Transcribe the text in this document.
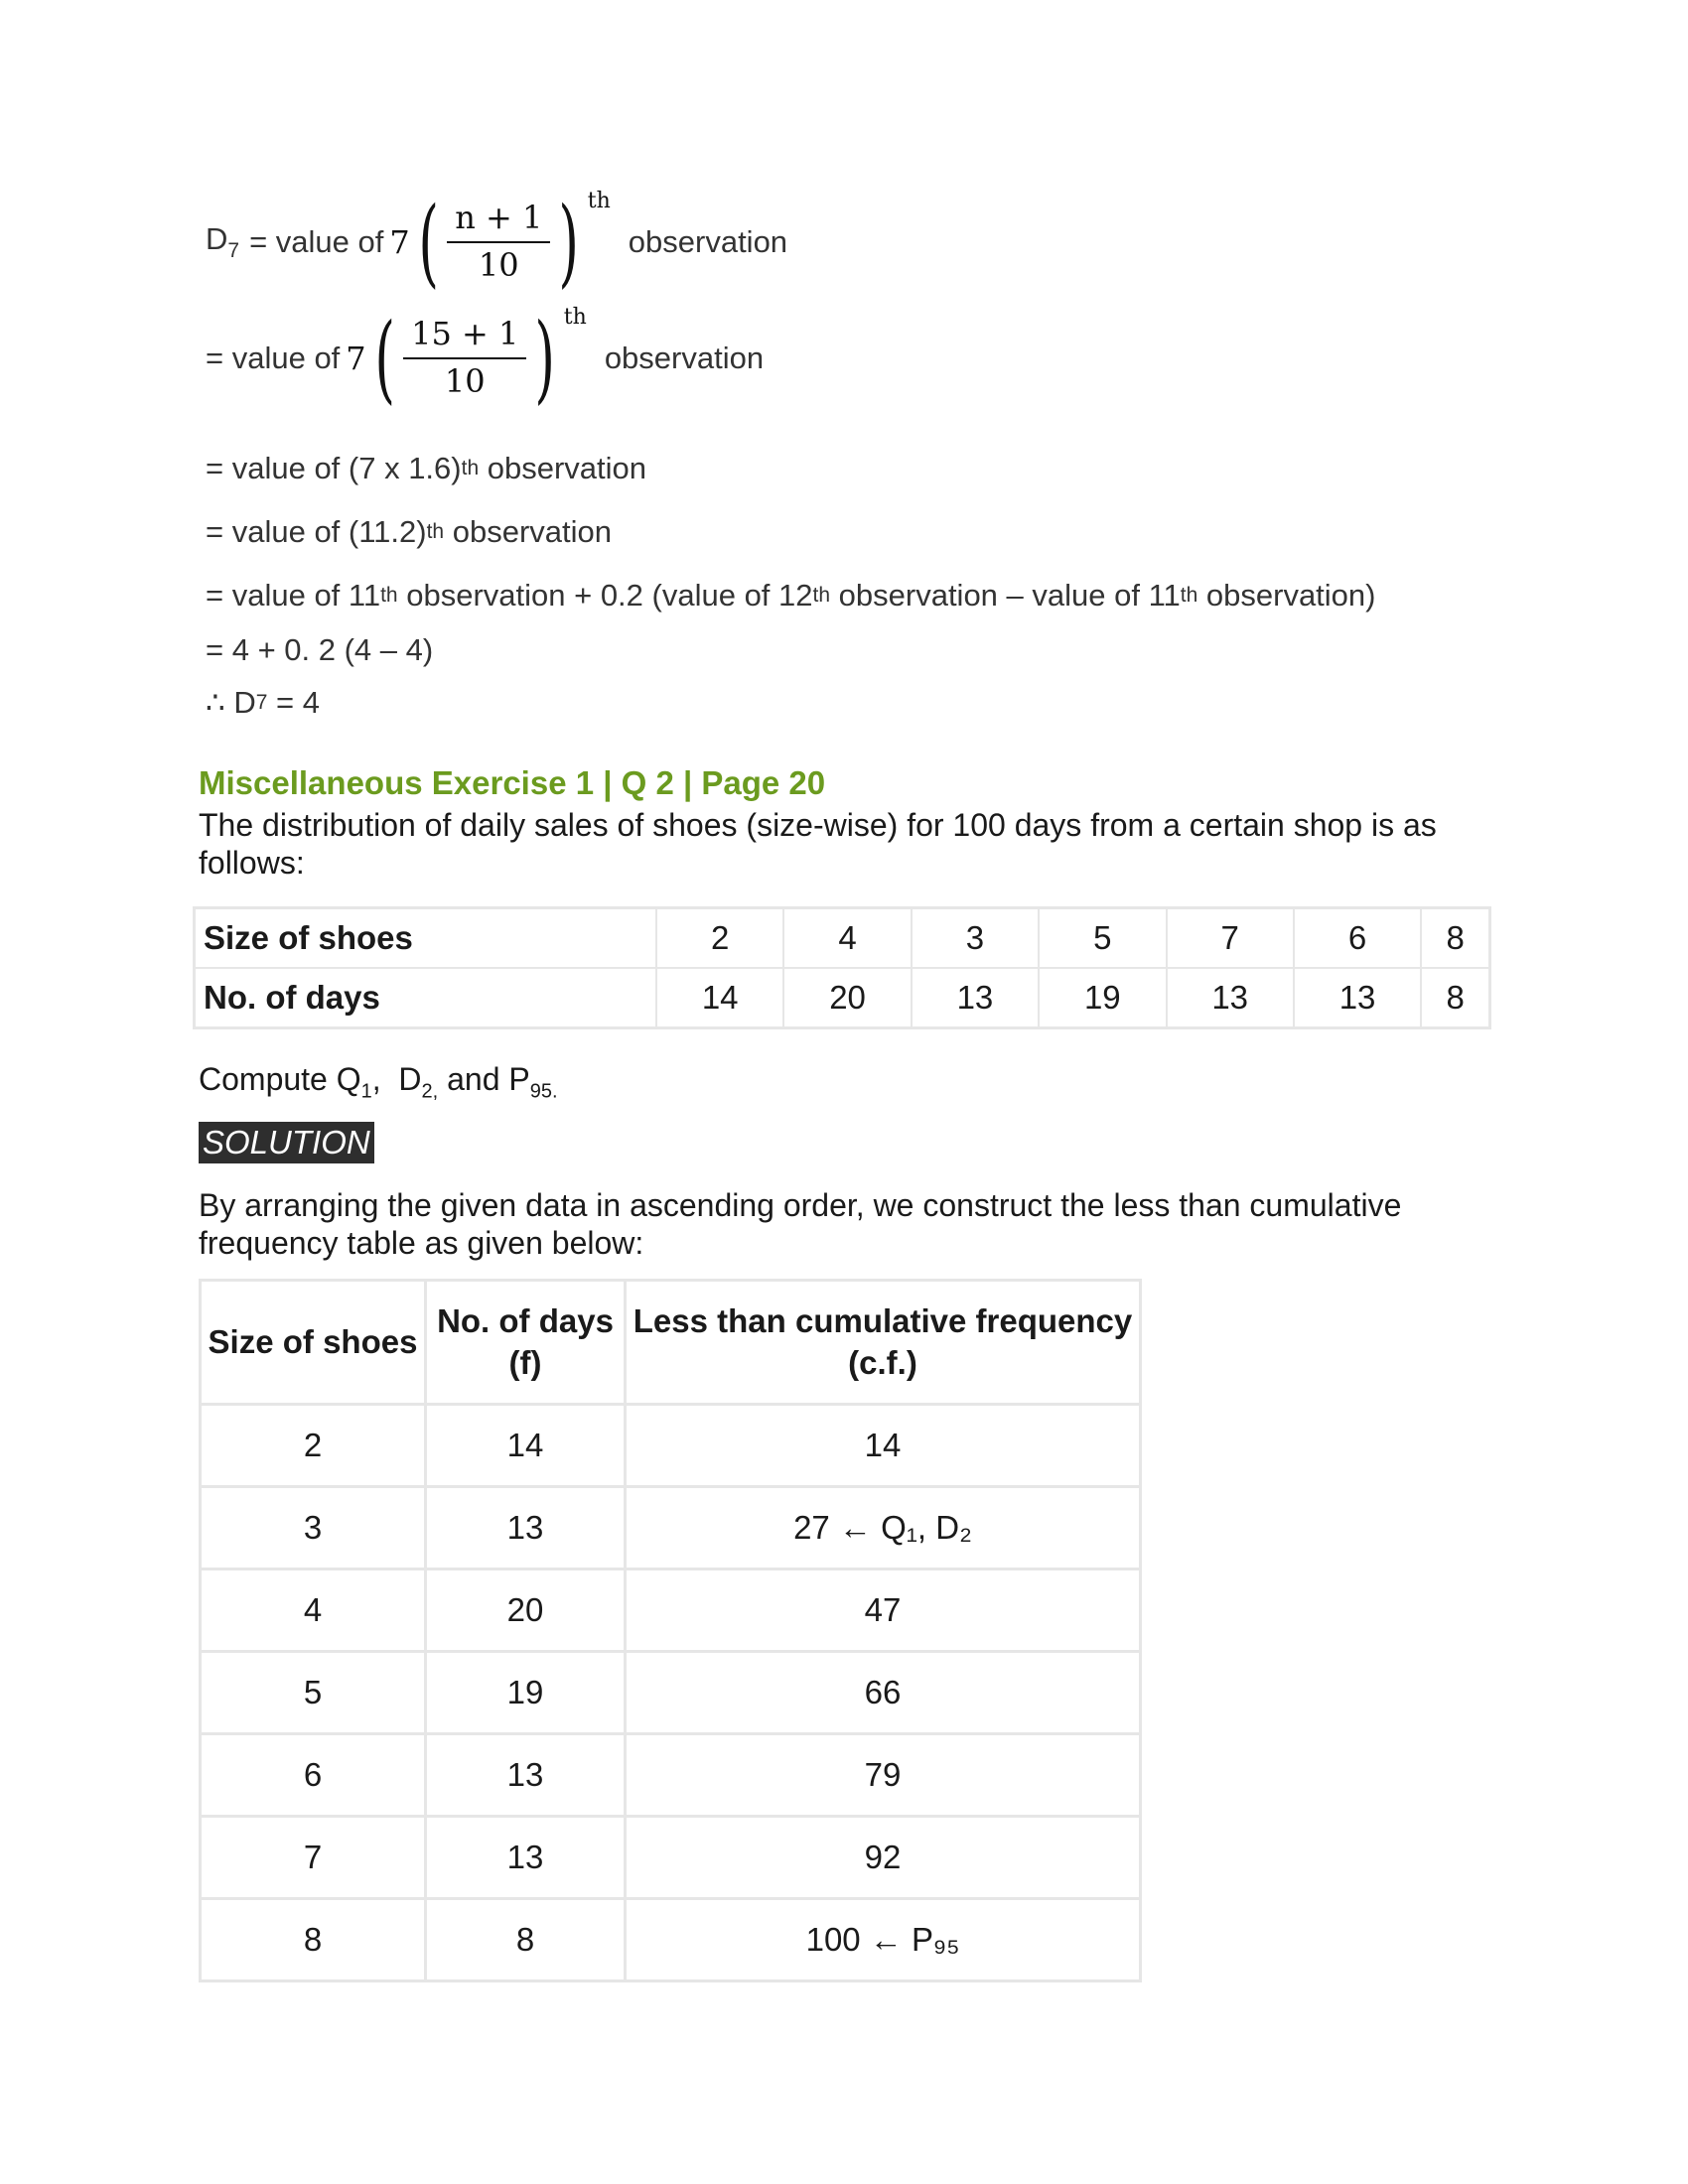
$D_7$ = value of 7 ( $\frac{n + 1}{10}$ ) th
observation
= value of 7 ( $\frac{15 + 1}{10}$ ) th
observation
= value of (7 x 1.6) th
observation
= value of (11.2) th
observation
= value of 11 th observation + 0.2 (value of 12 th observation – value of 11 th observation)
= 4 + 0. 2 (4 – 4)
∴ D 7 = 4
Miscellaneous Exercise 1 | Q 2 | Page 20
The distribution of daily sales of shoes (size-wise) for 100 days from a certain shop is as follows:
Size of shoes	2	4	3	5	7	6	8
No. of days	14	20	13	19	13	13	8
Compute $Q_1$,  $D_{2,}$ and $P_{95.}$
SOLUTION
By arranging the given data in ascending order, we construct the less than cumulative frequency table as given below:
Size of shoes	No. of days (f)	Less than cumulative frequency (c.f.)
2	14	14
3	13	27 ← Q₁, D₂
4	20	47
5	19	66
6	13	79
7	13	92
8	8	100 ← P₉₅
